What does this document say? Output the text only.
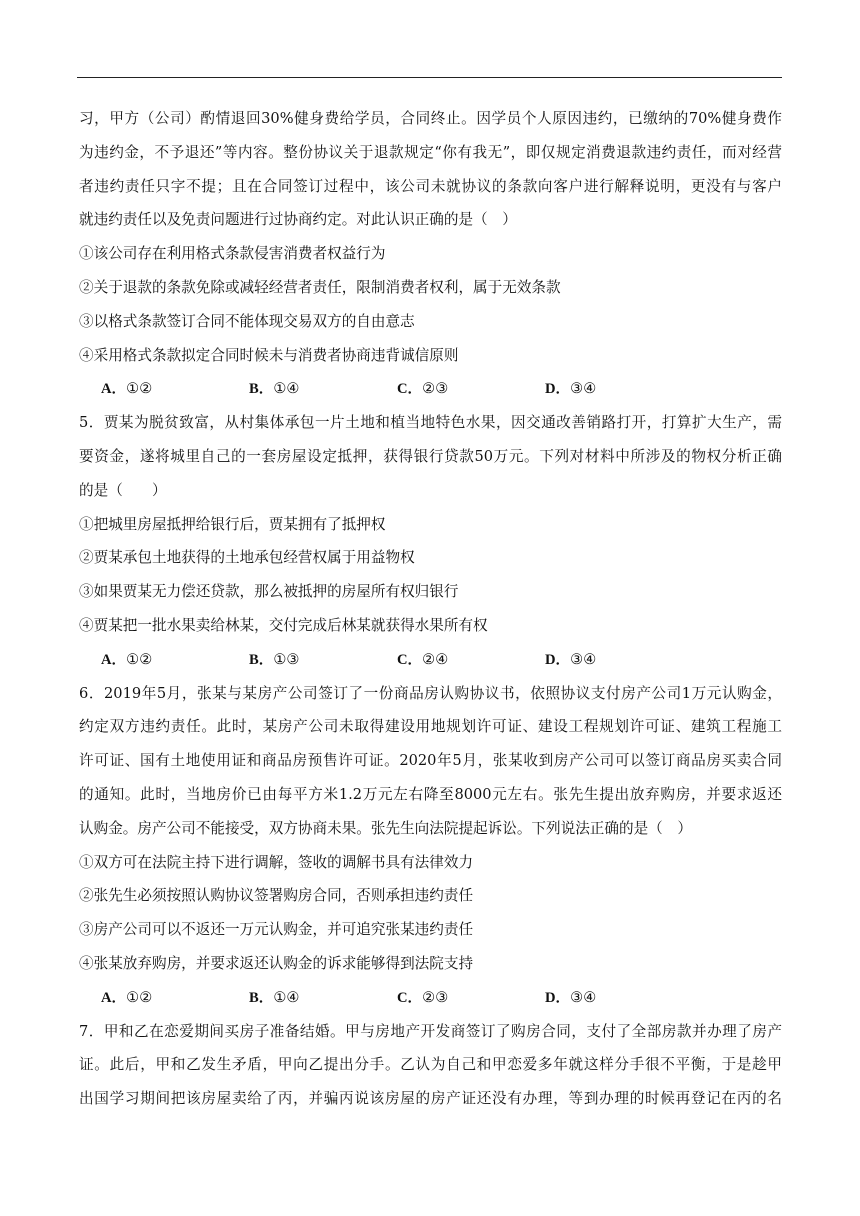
习，甲方（公司）酌情退回30%健身费给学员，合同终止。因学员个人原因违约，已缴纳的70%健身费作
为违约金，不予退还”等内容。整份协议关于退款规定“你有我无”，即仅规定消费退款违约责任，而对经营
者违约责任只字不提；且在合同签订过程中，该公司未就协议的条款向客户进行解释说明，更没有与客户
就违约责任以及免责问题进行过协商约定。对此认识正确的是（　）
①该公司存在利用格式条款侵害消费者权益行为
②关于退款的条款免除或减轻经营者责任，限制消费者权利，属于无效条款
③以格式条款签订合同不能体现交易双方的自由意志
④采用格式条款拟定合同时候未与消费者协商违背诚信原则
A．①②	B．①④	C．②③	D．③④
5．贾某为脱贫致富，从村集体承包一片土地和植当地特色水果，因交通改善销路打开，打算扩大生产，需
要资金，遂将城里自己的一套房屋设定抵押，获得银行贷款50万元。下列对材料中所涉及的物权分析正确
的是（　　）
①把城里房屋抵押给银行后，贾某拥有了抵押权
②贾某承包土地获得的土地承包经营权属于用益物权
③如果贾某无力偿还贷款，那么被抵押的房屋所有权归银行
④贾某把一批水果卖给林某，交付完成后林某就获得水果所有权
A．①②	B．①③	C．②④	D．③④
6．2019年5月，张某与某房产公司签订了一份商品房认购协议书，依照协议支付房产公司1万元认购金，
约定双方违约责任。此时，某房产公司未取得建设用地规划许可证、建设工程规划许可证、建筑工程施工
许可证、国有土地使用证和商品房预售许可证。2020年5月，张某收到房产公司可以签订商品房买卖合同
的通知。此时，当地房价已由每平方米1.2万元左右降至8000元左右。张先生提出放弃购房，并要求返还
认购金。房产公司不能接受，双方协商未果。张先生向法院提起诉讼。下列说法正确的是（　）
①双方可在法院主持下进行调解，签收的调解书具有法律效力
②张先生必须按照认购协议签署购房合同，否则承担违约责任
③房产公司可以不返还一万元认购金，并可追究张某违约责任
④张某放弃购房，并要求返还认购金的诉求能够得到法院支持
A．①②	B．①④	C．②③	D．③④
7．甲和乙在恋爱期间买房子准备结婚。甲与房地产开发商签订了购房合同，支付了全部房款并办理了房产
证。此后，甲和乙发生矛盾，甲向乙提出分手。乙认为自己和甲恋爱多年就这样分手很不平衡，于是趁甲
出国学习期间把该房屋卖给了丙，并骗丙说该房屋的房产证还没有办理，等到办理的时候再登记在丙的名
